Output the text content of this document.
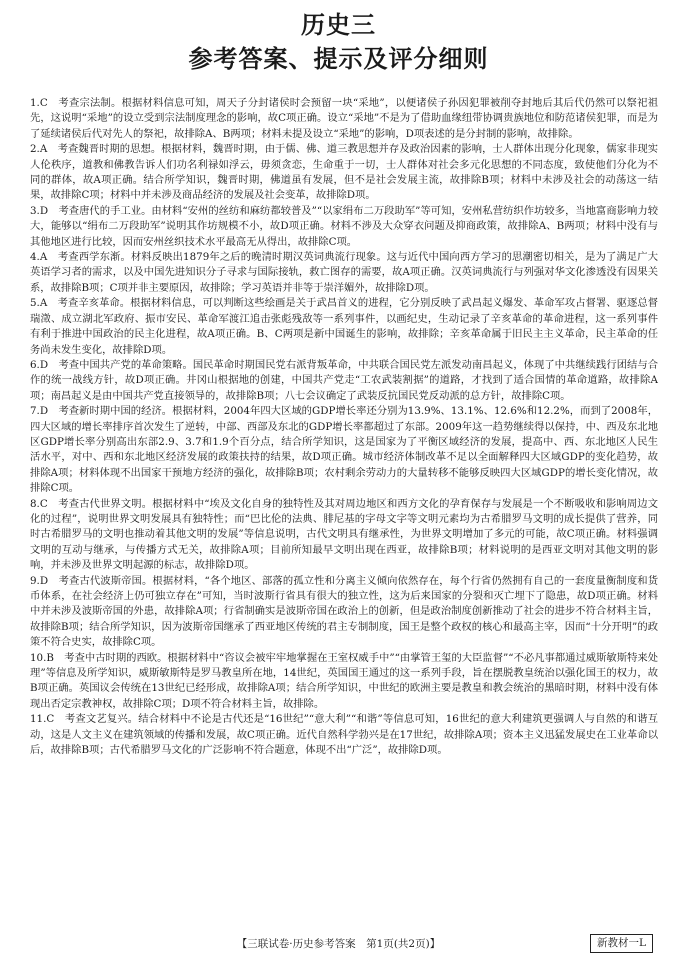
历史三
参考答案、提示及评分细则

1.C　考查宗法制。根据材料信息可知，周天子分封诸侯时会预留一块“采地”，以便诸侯子孙因犯罪被削夺封地后其后代仍然可以祭祀祖先，这说明“采地”的设立受到宗法制度理念的影响，故C项正确。设立“采地”不是为了借助血缘纽带协调贵族地位和防范诸侯犯罪，而是为了延续诸侯后代对先人的祭祀，故排除A、B两项；材料未提及设立“采地”的影响，D项表述的是分封制的影响，故排除。

2.A　考查魏晋时期的思想。根据材料，魏晋时期，由于儒、佛、道三教思想并存及政治因素的影响，士人群体出现分化现象，儒家非现实人伦秩序，道教和佛教告诉人们功名利禄如浮云，毋须贪恋，生命重于一切，士人群体对社会多元化思想的不同态度，致使他们分化为不同的群体，故A项正确。结合所学知识，魏晋时期，佛道虽有发展，但不是社会发展主流，故排除B项；材料中未涉及社会的动荡这一结果，故排除C项；材料中并未涉及商品经济的发展及社会变革，故排除D项。

3.D　考查唐代的手工业。由材料“安州的丝纺和麻纺都较普及”“以家绢布二万段助军”等可知，安州私营纺织作坊较多，当地富商影响力较大，能够以“绢布二万段助军”说明其作坊规模不小，故D项正确。材料不涉及大众穿衣问题及抑商政策，故排除A、B两项；材料中没有与其他地区进行比较，因而安州丝织技术水平最高无从得出，故排除C项。

4.A　考查西学东渐。材料反映出1879年之后的晚清时期汉英词典流行现象。这与近代中国向西方学习的思潮密切相关，是为了满足广大英语学习者的需求，以及中国先进知识分子寻求与国际接轨，救亡图存的需要，故A项正确。汉英词典流行与列强对华文化渗透没有因果关系，故排除B项；C项并非主要原因，故排除；学习英语并非等于崇洋媚外，故排除D项。

5.A　考查辛亥革命。根据材料信息，可以判断这些绘画是关于武昌首义的进程，它分别反映了武昌起义爆发、革命军攻占督署、驱逐总督瑞澂、成立湖北军政府、振市安民、革命军渡江追击张彪残敌等一系列事件，以画纪史，生动记录了辛亥革命的革命进程，这一系列事件有利于推进中国政治的民主化进程，故A项正确。B、C两项是新中国诞生的影响，故排除；辛亥革命属于旧民主主义革命，民主革命的任务尚未发生变化，故排除D项。

6.D　考查中国共产党的革命策略。国民革命时期国民党右派背叛革命，中共联合国民党左派发动南昌起义，体现了中共继续践行团结与合作的统一战线方针，故D项正确。井冈山根据地的创建，中国共产党走“工农武装割据”的道路，才找到了适合国情的革命道路，故排除A项；南昌起义是由中国共产党直接领导的，故排除B项；八七会议确定了武装反抗国民党反动派的总方针，故排除C项。

7.D　考查新时期中国的经济。根据材料，2004年四大区域的GDP增长率还分别为13.9%、13.1%、12.6%和12.2%，而到了2008年，四大区域的增长率排序首次发生了逆转，中部、西部及东北的GDP增长率都超过了东部。2009年这一趋势继续得以保持，中、西及东北地区GDP增长率分别高出东部2.9、3.7和1.9个百分点，结合所学知识，这是国家为了平衡区域经济的发展，提高中、西、东北地区人民生活水平，对中、西和东北地区经济发展的政策扶持的结果，故D项正确。城市经济体制改革不足以全面解释四大区域GDP的变化趋势，故排除A项；材料体现不出国家干预地方经济的强化，故排除B项；农村剩余劳动力的大量转移不能够反映四大区域GDP的增长变化情况，故排除C项。

8.C　考查古代世界文明。根据材料中“埃及文化自身的独特性及其对周边地区和西方文化的孕育保存与发展是一个不断吸收和影响周边文化的过程”，说明世界文明发展具有独特性；而“巴比伦的法典、腓尼基的字母文字等文明元素均为古希腊罗马文明的成长提供了营养，同时古希腊罗马的文明也推动着其他文明的发展”等信息说明，古代文明具有继承性，为世界文明增加了多元的可能，故C项正确。材料强调文明的互动与继承，与传播方式无关，故排除A项；目前所知最早文明出现在西亚，故排除B项；材料说明的是西亚文明对其他文明的影响，并未涉及世界文明起源的标志，故排除D项。

9.D　考查古代波斯帝国。根据材料，“各个地区、部落的孤立性和分离主义倾向依然存在，每个行省仍然拥有自己的一套度量衡制度和货币体系，在社会经济上仍可独立存在”可知，当时波斯行省具有很大的独立性，这为后来国家的分裂和灭亡埋下了隐患，故D项正确。材料中并未涉及波斯帝国的外患，故排除A项；行省制确实是波斯帝国在政治上的创新，但是政治制度创新推动了社会的进步不符合材料主旨，故排除B项；结合所学知识，因为波斯帝国继承了西亚地区传统的君主专制制度，国王是整个政权的核心和最高主宰，因而“十分开明”的政策不符合史实，故排除C项。

10.B　考查中古时期的西欧。根据材料中“咨议会被牢牢地掌握在王室权威手中”“由掌管王玺的大臣监督”“不必凡事都通过威斯敏斯特来处理”等信息及所学知识，威斯敏斯特是罗马教皇所在地，14世纪，英国国王通过的这一系列手段，旨在摆脱教皇统治以强化国王的权力，故B项正确。英国议会传统在13世纪已经形成，故排除A项；结合所学知识，中世纪的欧洲主要是教皇和教会统治的黑暗时期，材料中没有体现出否定宗教神权，故排除C项；D项不符合材料主旨，故排除。

11.C　考查文艺复兴。结合材料中不论是古代还是“16世纪”“意大利”“和谐”等信息可知，16世纪的意大利建筑更强调人与自然的和谐互动，这是人文主义在建筑领域的传播和发展，故C项正确。近代自然科学勃兴是在17世纪，故排除A项；资本主义迅猛发展史在工业革命以后，故排除B项；古代希腊罗马文化的广泛影响不符合题意，体现不出“广泛”，故排除D项。

【三联试卷·历史参考答案　第1页(共2页)】	新教材一L
